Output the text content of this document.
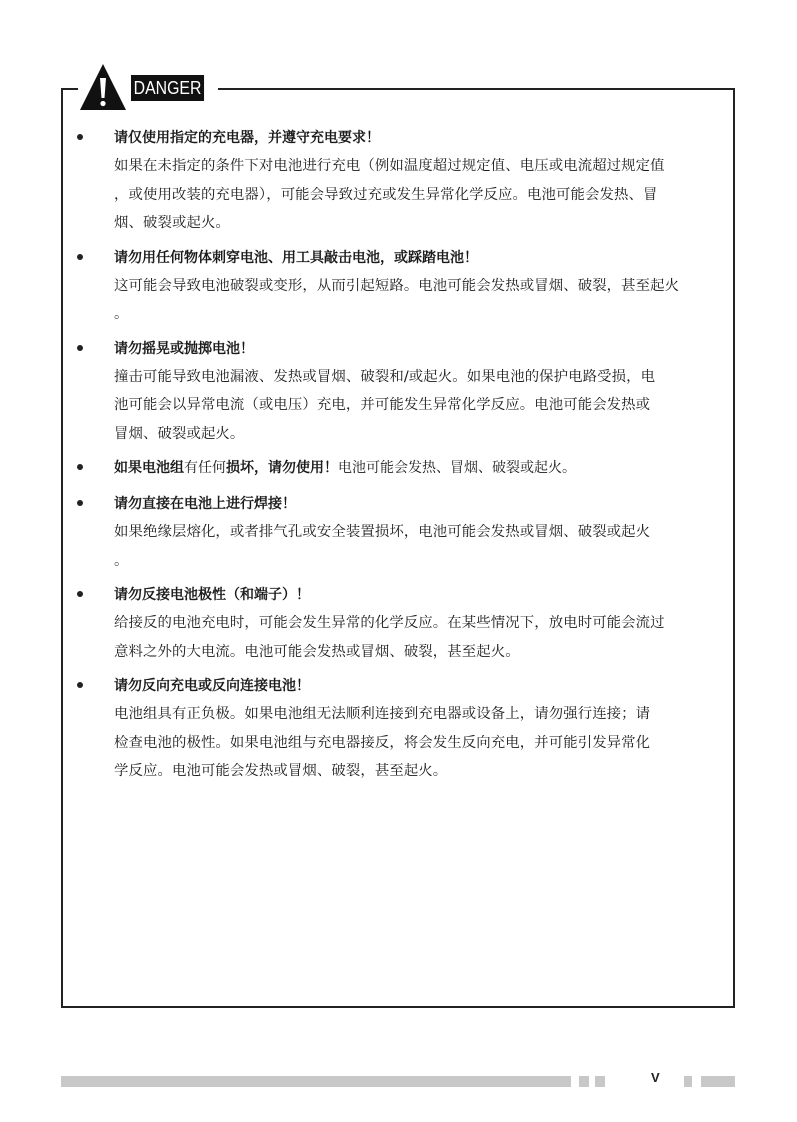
DANGER
请仅使用指定的充电器，并遵守充电要求！
如果在未指定的条件下对电池进行充电（例如温度超过规定值、电压或电流超过规定值
，或使用改装的充电器），可能会导致过充或发生异常化学反应。电池可能会发热、冒
烟、破裂或起火。
请勿用任何物体刺穿电池、用工具敲击电池，或踩踏电池！
这可能会导致电池破裂或变形，从而引起短路。电池可能会发热或冒烟、破裂，甚至起火
。
请勿摇晃或抛掷电池！
撞击可能导致电池漏液、发热或冒烟、破裂和/或起火。如果电池的保护电路受损，电
池可能会以异常电流（或电压）充电，并可能发生异常化学反应。电池可能会发热或
冒烟、破裂或起火。
如果电池组有任何损坏，请勿使用！电池可能会发热、冒烟、破裂或起火。
请勿直接在电池上进行焊接！
如果绝缘层熔化，或者排气孔或安全装置损坏，电池可能会发热或冒烟、破裂或起火
。
请勿反接电池极性（和端子）！
给接反的电池充电时，可能会发生异常的化学反应。在某些情况下，放电时可能会流过
意料之外的大电流。电池可能会发热或冒烟、破裂，甚至起火。
请勿反向充电或反向连接电池！
电池组具有正负极。如果电池组无法顺利连接到充电器或设备上，请勿强行连接；请
检查电池的极性。如果电池组与充电器接反，将会发生反向充电，并可能引发异常化
学反应。电池可能会发热或冒烟、破裂，甚至起火。
V
